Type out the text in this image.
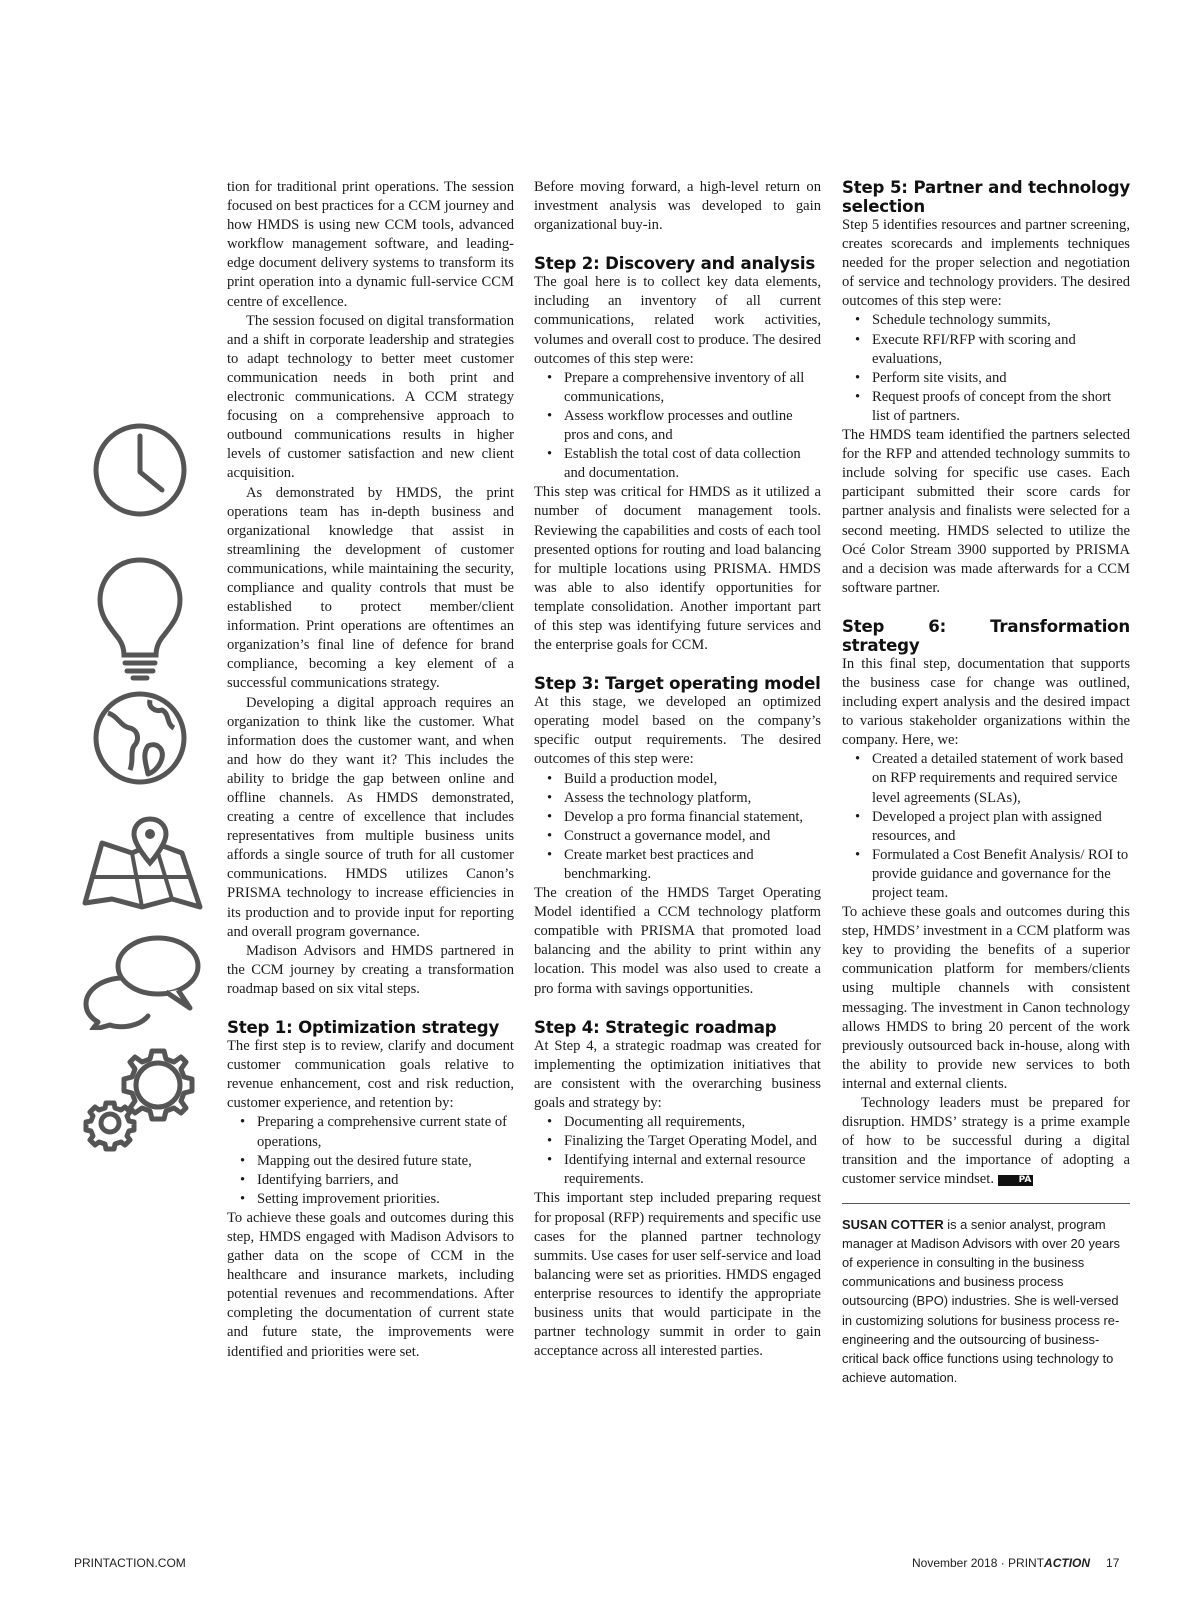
tion for traditional print operations. The session focused on best practices for a CCM journey and how HMDS is using new CCM tools, advanced workflow management software, and leading-edge document delivery systems to transform its print operation into a dynamic full-service CCM centre of excellence.

The session focused on digital transformation and a shift in corporate leadership and strategies to adapt technology to better meet customer communication needs in both print and electronic communications. A CCM strategy focusing on a comprehensive approach to outbound communications results in higher levels of customer satisfaction and new client acquisition.

As demonstrated by HMDS, the print operations team has in-depth business and organizational knowledge that assist in streamlining the development of customer communications, while maintaining the security, compliance and quality controls that must be established to protect member/client information. Print operations are oftentimes an organization’s final line of defence for brand compliance, becoming a key element of a successful communications strategy.

Developing a digital approach requires an organization to think like the customer. What information does the customer want, and when and how do they want it? This includes the ability to bridge the gap between online and offline channels. As HMDS demonstrated, creating a centre of excellence that includes representatives from multiple business units affords a single source of truth for all customer communications. HMDS utilizes Canon’s PRISMA technology to increase efficiencies in its production and to provide input for reporting and overall program governance.

Madison Advisors and HMDS partnered in the CCM journey by creating a transformation roadmap based on six vital steps.

Step 1: Optimization strategy

The first step is to review, clarify and document customer communication goals relative to revenue enhancement, cost and risk reduction, customer experience, and retention by:

• Preparing a comprehensive current state of operations,
• Mapping out the desired future state,
• Identifying barriers, and
• Setting improvement priorities.

To achieve these goals and outcomes during this step, HMDS engaged with Madison Advisors to gather data on the scope of CCM in the healthcare and insurance markets, including potential revenues and recommendations. After completing the documentation of current state and future state, the improvements were identified and priorities were set.

Before moving forward, a high-level return on investment analysis was developed to gain organizational buy-in.

Step 2: Discovery and analysis

The goal here is to collect key data elements, including an inventory of all current communications, related work activities, volumes and overall cost to produce. The desired outcomes of this step were:

• Prepare a comprehensive inventory of all communications,
• Assess workflow processes and outline pros and cons, and
• Establish the total cost of data collection and documentation.

This step was critical for HMDS as it utilized a number of document management tools. Reviewing the capabilities and costs of each tool presented options for routing and load balancing for multiple locations using PRISMA. HMDS was able to also identify opportunities for template consolidation. Another important part of this step was identifying future services and the enterprise goals for CCM.

Step 3: Target operating model

At this stage, we developed an optimized operating model based on the company’s specific output requirements. The desired outcomes of this step were:

• Build a production model,
• Assess the technology platform,
• Develop a pro forma financial statement,
• Construct a governance model, and
• Create market best practices and benchmarking.

The creation of the HMDS Target Operating Model identified a CCM technology platform compatible with PRISMA that promoted load balancing and the ability to print within any location. This model was also used to create a pro forma with savings opportunities.

Step 4: Strategic roadmap

At Step 4, a strategic roadmap was created for implementing the optimization initiatives that are consistent with the overarching business goals and strategy by:

• Documenting all requirements,
• Finalizing the Target Operating Model, and
• Identifying internal and external resource requirements.

This important step included preparing request for proposal (RFP) requirements and specific use cases for the planned partner technology summits. Use cases for user self-service and load balancing were set as priorities. HMDS engaged enterprise resources to identify the appropriate business units that would participate in the partner technology summit in order to gain acceptance across all interested parties.

Step 5: Partner and technology selection

Step 5 identifies resources and partner screening, creates scorecards and implements techniques needed for the proper selection and negotiation of service and technology providers. The desired outcomes of this step were:

• Schedule technology summits,
• Execute RFI/RFP with scoring and evaluations,
• Perform site visits, and
• Request proofs of concept from the short list of partners.

The HMDS team identified the partners selected for the RFP and attended technology summits to include solving for specific use cases. Each participant submitted their score cards for partner analysis and finalists were selected for a second meeting. HMDS selected to utilize the Océ Color Stream 3900 supported by PRISMA and a decision was made afterwards for a CCM software partner.

Step 6: Transformation strategy

In this final step, documentation that supports the business case for change was outlined, including expert analysis and the desired impact to various stakeholder organizations within the company. Here, we:

• Created a detailed statement of work based on RFP requirements and required service level agreements (SLAs),
• Developed a project plan with assigned resources, and
• Formulated a Cost Benefit Analysis/ ROI to provide guidance and governance for the project team.

To achieve these goals and outcomes during this step, HMDS’ investment in a CCM platform was key to providing the benefits of a superior communication platform for members/clients using multiple channels with consistent messaging. The investment in Canon technology allows HMDS to bring 20 percent of the work previously outsourced back in-house, along with the ability to provide new services to both internal and external clients.

Technology leaders must be prepared for disruption. HMDS’ strategy is a prime example of how to be successful during a digital transition and the importance of adopting a customer service mindset.	PA

SUSAN COTTER is a senior analyst, program manager at Madison Advisors with over 20 years of experience in consulting in the business communications and business process outsourcing (BPO) industries. She is well-versed in customizing solutions for business process re-engineering and the outsourcing of business-critical back office functions using technology to achieve automation.

PRINTACTION.COM	November 2018 · PRINTACTION 17
